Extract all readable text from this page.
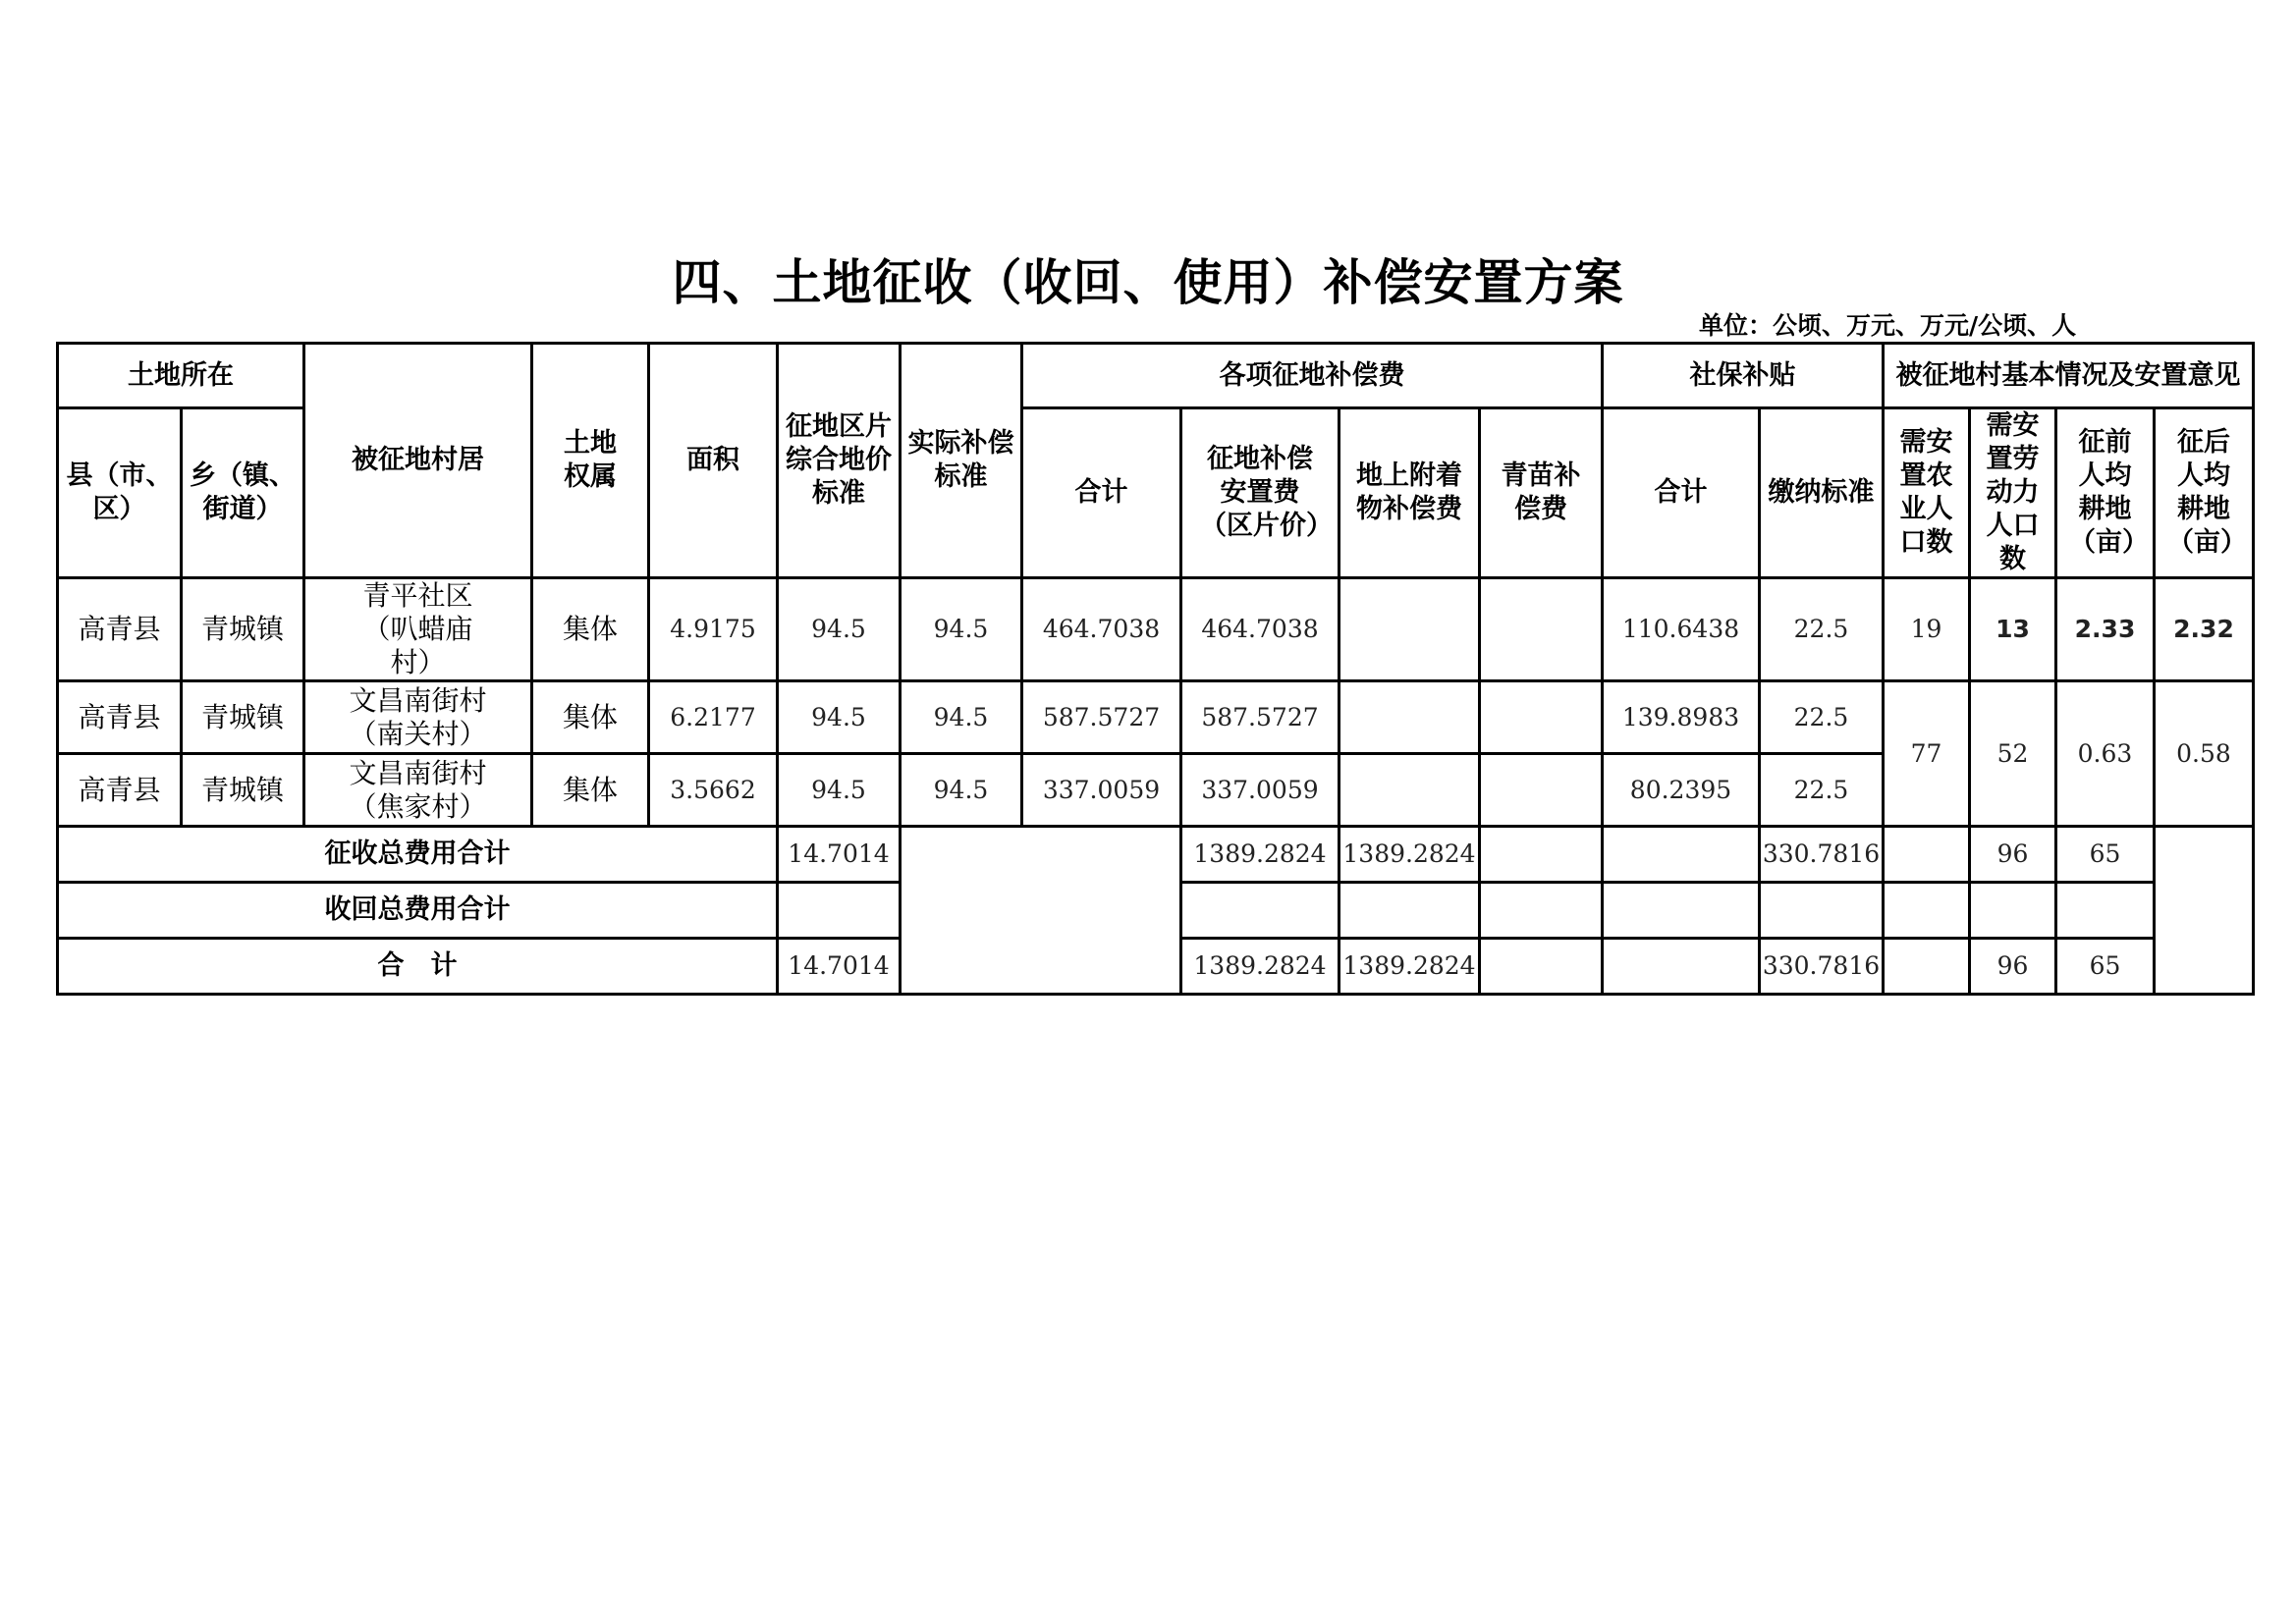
四、土地征收（收回、使用）补偿安置方案
单位：公顷、万元、万元/公顷、人
土地所在		被征地村居	土地权属	面积	征地区片综合地价标准	实际补偿标准	各项征地补偿费				社保补贴		被征地村基本情况及安置意见			
县（市、区）	乡（镇、街道）						合计	征地补偿安置费（区片价）	地上附着物补偿费	青苗补偿费	合计	缴纳标准	需安置农业人口数	需安置劳动力人口数	征前人均耕地（亩）	征后人均耕地（亩）
高青县	青城镇	青平社区（叭蜡庙村）	集体	4.9175	94.5	94.5	464.7038	464.7038			110.6438	22.5	19	13	2.33	2.32
高青县	青城镇	文昌南街村（南关村）	集体	6.2177	94.5	94.5	587.5727	587.5727			139.8983	22.5	77	52	0.63	0.58
高青县	青城镇	文昌南街村（焦家村）	集体	3.5662	94.5	94.5	337.0059	337.0059			80.2395	22.5				
征收总费用合计					14.7014			1389.2824	1389.2824			330.7816		96	65	
收回总费用合计																
合　计					14.7014			1389.2824	1389.2824			330.7816		96	65	
